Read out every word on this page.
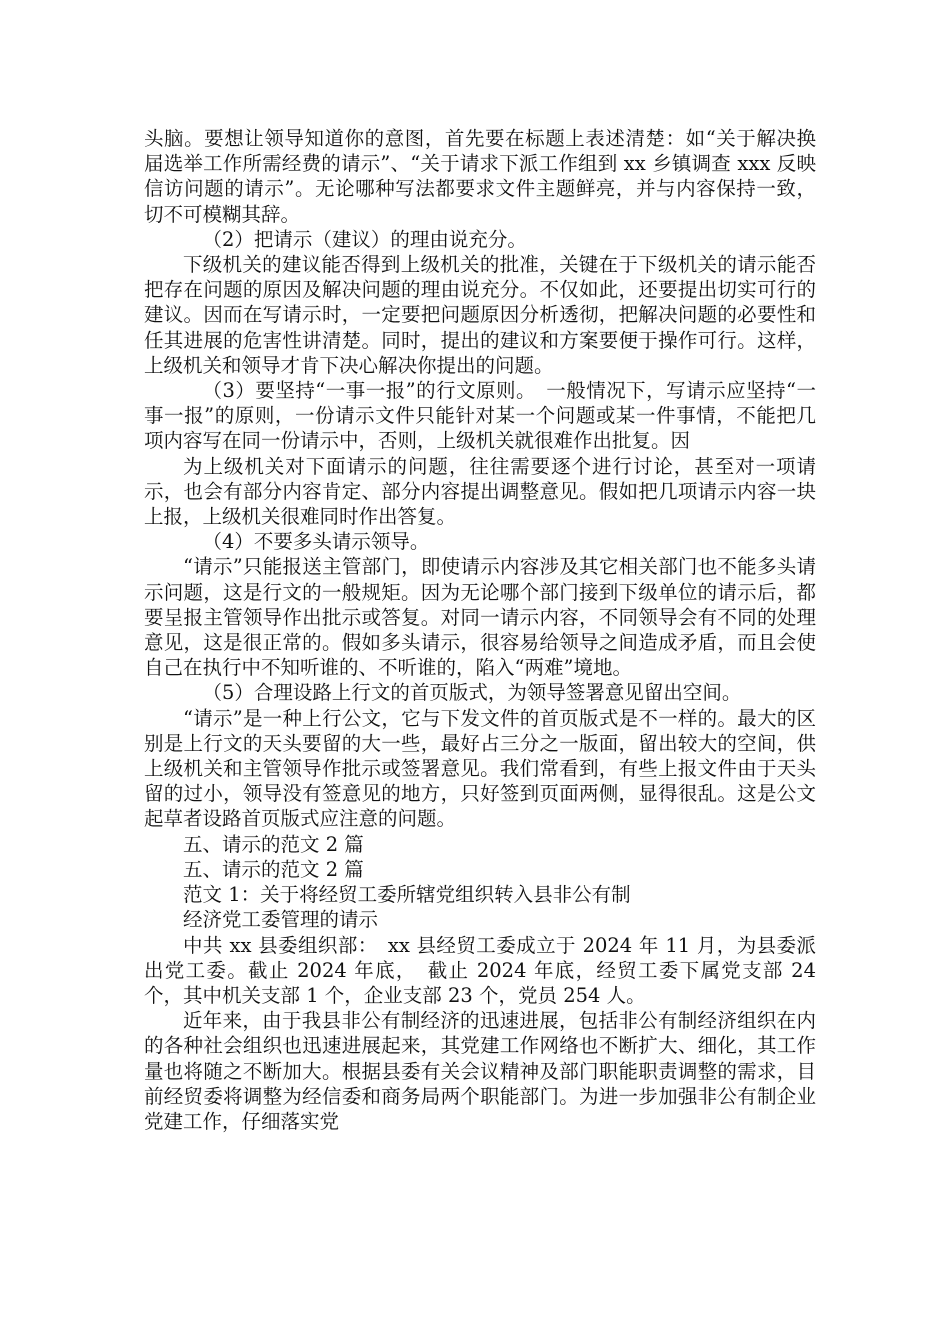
头脑。要想让领导知道你的意图，首先要在标题上表述清楚：如“关于解决换届选举工作所需经费的请示”、“关于请求下派工作组到 xx 乡镇调查 xxx 反映信访问题的请示”。无论哪种写法都要求文件主题鲜亮，并与内容保持一致，切不可模糊其辞。

（2）把请示（建议）的理由说充分。

下级机关的建议能否得到上级机关的批准，关键在于下级机关的请示能否把存在问题的原因及解决问题的理由说充分。不仅如此，还要提出切实可行的建议。因而在写请示时，一定要把问题原因分析透彻，把解决问题的必要性和任其进展的危害性讲清楚。同时，提出的建议和方案要便于操作可行。这样，上级机关和领导才肯下决心解决你提出的问题。

（3）要坚持“一事一报”的行文原则。　一般情况下，写请示应坚持“一事一报”的原则，一份请示文件只能针对某一个问题或某一件事情，不能把几项内容写在同一份请示中，否则，上级机关就很难作出批复。因

为上级机关对下面请示的问题，往往需要逐个进行讨论，甚至对一项请示，也会有部分内容肯定、部分内容提出调整意见。假如把几项请示内容一块上报，上级机关很难同时作出答复。

（4）不要多头请示领导。

“请示”只能报送主管部门，即使请示内容涉及其它相关部门也不能多头请示问题，这是行文的一般规矩。因为无论哪个部门接到下级单位的请示后，都要呈报主管领导作出批示或答复。对同一请示内容，不同领导会有不同的处理意见，这是很正常的。假如多头请示，很容易给领导之间造成矛盾，而且会使自己在执行中不知听谁的、不听谁的，陷入“两难”境地。

（5）合理设路上行文的首页版式，为领导签署意见留出空间。

“请示”是一种上行公文，它与下发文件的首页版式是不一样的。最大的区别是上行文的天头要留的大一些，最好占三分之一版面，留出较大的空间，供上级机关和主管领导作批示或签署意见。我们常看到，有些上报文件由于天头留的过小，领导没有签意见的地方，只好签到页面两侧，显得很乱。这是公文起草者设路首页版式应注意的问题。

五、请示的范文 2 篇

五、请示的范文 2 篇

范文 1：关于将经贸工委所辖党组织转入县非公有制

经济党工委管理的请示

中共 xx 县委组织部：　xx 县经贸工委成立于 2024 年 11 月，为县委派出党工委。截止 2024 年底，　截止 2024 年底，经贸工委下属党支部 24 个，其中机关支部 1 个，企业支部 23 个，党员 254 人。

近年来，由于我县非公有制经济的迅速进展，包括非公有制经济组织在内的各种社会组织也迅速进展起来，其党建工作网络也不断扩大、细化，其工作量也将随之不断加大。根据县委有关会议精神及部门职能职责调整的需求，目前经贸委将调整为经信委和商务局两个职能部门。为进一步加强非公有制企业党建工作，仔细落实党
